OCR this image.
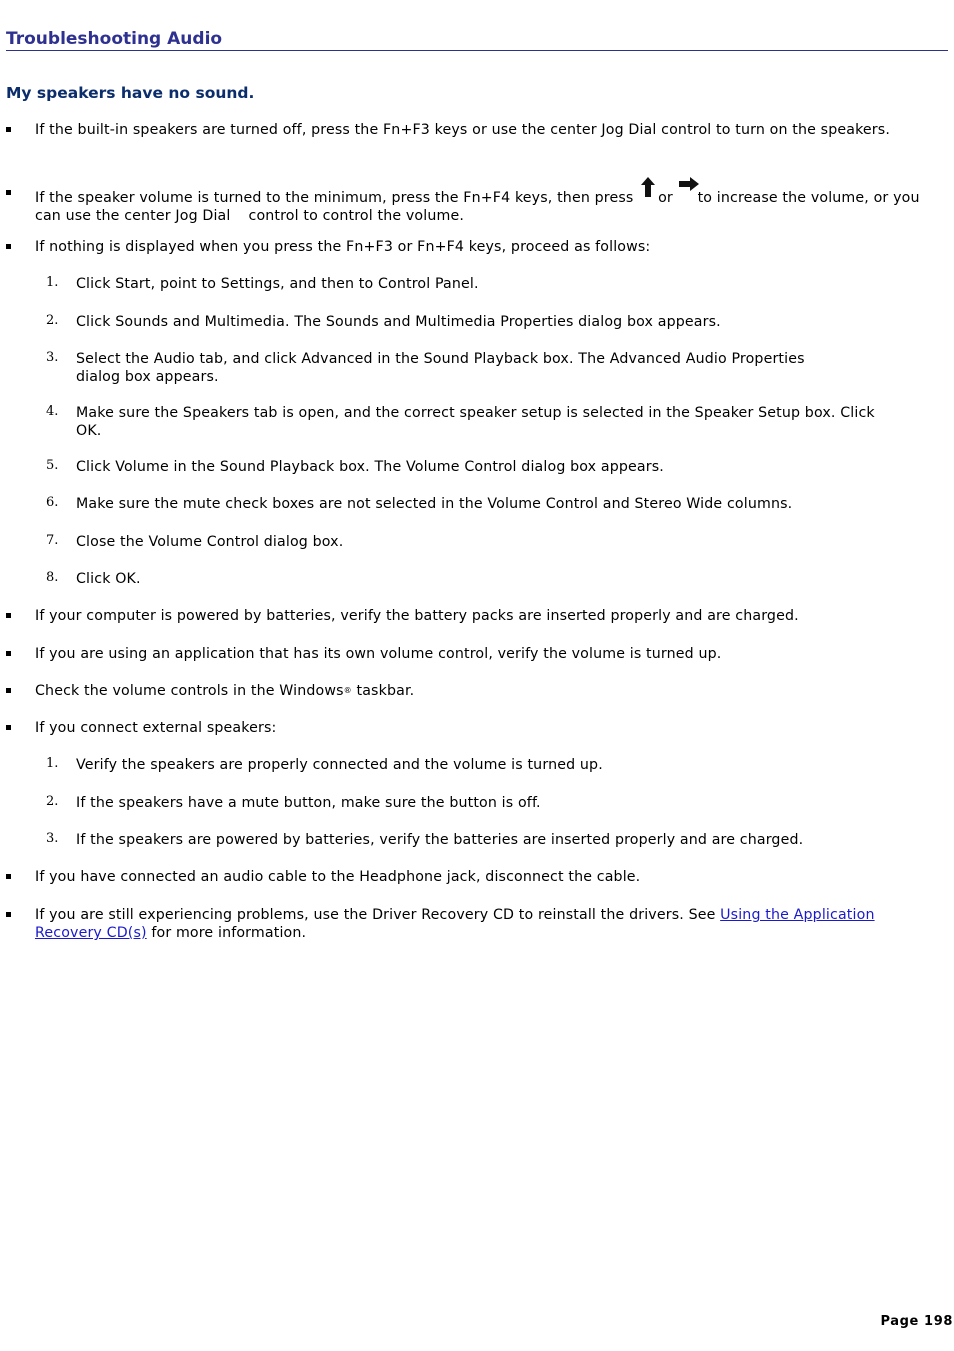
Troubleshooting Audio
My speakers have no sound.
If the built-in speakers are turned off, press the Fn+F3 keys or use the center Jog Dial control to turn on the speakers.
If the speaker volume is turned to the minimum, press the Fn+F4 keys, then press
or
to increase the volume, or you can use the center Jog Dial control to control the volume.
If nothing is displayed when you press the Fn+F3 or Fn+F4 keys, proceed as follows:
1. Click Start, point to Settings, and then to Control Panel.
2. Click Sounds and Multimedia. The Sounds and Multimedia Properties dialog box appears.
3. Select the Audio tab, and click Advanced in the Sound Playback box. The Advanced Audio Properties dialog box appears.
4. Make sure the Speakers tab is open, and the correct speaker setup is selected in the Speaker Setup box. Click OK.
5. Click Volume in the Sound Playback box. The Volume Control dialog box appears.
6. Make sure the mute check boxes are not selected in the Volume Control and Stereo Wide columns.
7. Close the Volume Control dialog box.
8. Click OK.
If your computer is powered by batteries, verify the battery packs are inserted properly and are charged.
If you are using an application that has its own volume control, verify the volume is turned up.
Check the volume controls in the Windows® taskbar.
If you connect external speakers:
1. Verify the speakers are properly connected and the volume is turned up.
2. If the speakers have a mute button, make sure the button is off.
3. If the speakers are powered by batteries, verify the batteries are inserted properly and are charged.
If you have connected an audio cable to the Headphone jack, disconnect the cable.
If you are still experiencing problems, use the Driver Recovery CD to reinstall the drivers. See Using the Application Recovery CD(s) for more information.
Page 198
